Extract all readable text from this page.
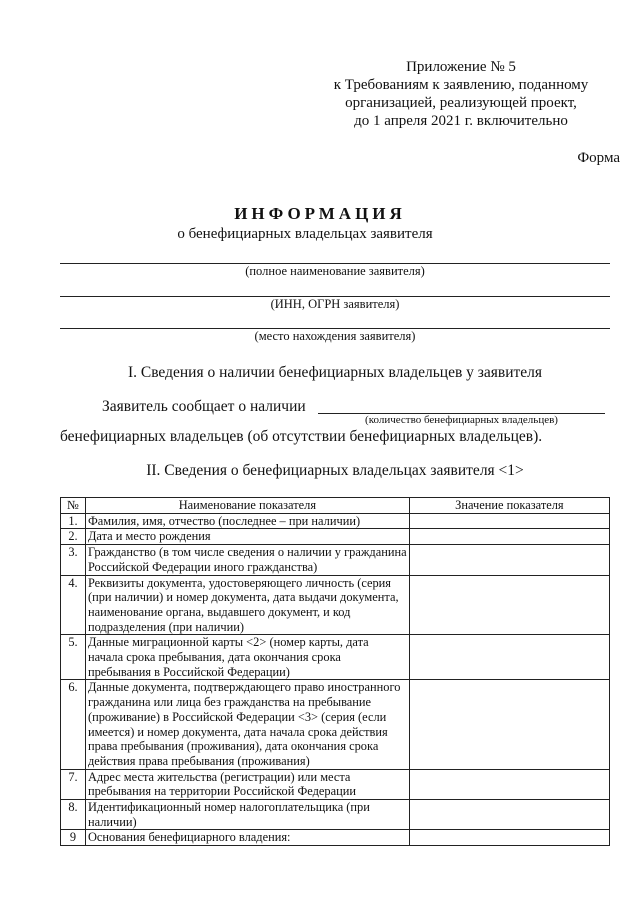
Приложение № 5
к Требованиям к заявлению, поданному
организацией, реализующей проект,
до 1 апреля 2021 г. включительно
Форма
ИНФОРМАЦИЯ
о бенефициарных владельцах заявителя
(полное наименование заявителя)
(ИНН, ОГРН заявителя)
(место нахождения заявителя)
I. Сведения о наличии бенефициарных владельцев у заявителя
Заявитель сообщает о наличии
(количество бенефициарных владельцев)
бенефициарных владельцев (об отсутствии бенефициарных владельцев).
II. Сведения о бенефициарных владельцах заявителя <1>
№	Наименование показателя	Значение показателя
1.	Фамилия, имя, отчество (последнее – при наличии)	
2.	Дата и место рождения	
3.	Гражданство (в том числе сведения о наличии у гражданина Российской Федерации иного гражданства)	
4.	Реквизиты документа, удостоверяющего личность (серия (при наличии) и номер документа, дата выдачи документа, наименование органа, выдавшего документ, и код подразделения (при наличии)	
5.	Данные миграционной карты <2> (номер карты, дата начала срока пребывания, дата окончания срока пребывания в Российской Федерации)	
6.	Данные документа, подтверждающего право иностранного гражданина или лица без гражданства на пребывание (проживание) в Российской Федерации <3> (серия (если имеется) и номер документа, дата начала срока действия права пребывания (проживания), дата окончания срока действия права пребывания (проживания)	
7.	Адрес места жительства (регистрации) или места пребывания на территории Российской Федерации	
8.	Идентификационный номер налогоплательщика (при наличии)	
9	Основания бенефициарного владения:	
